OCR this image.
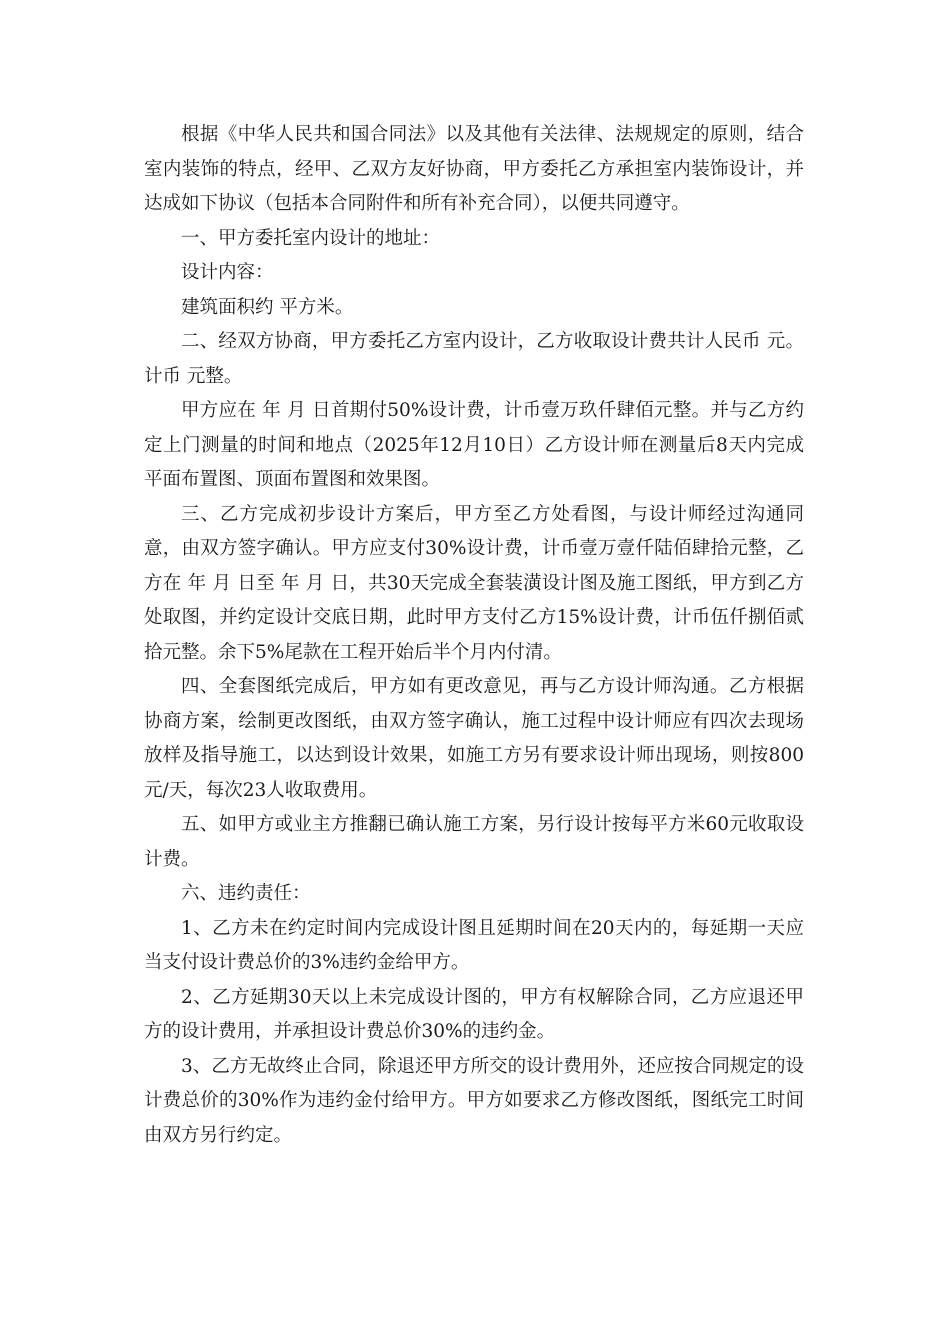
根据《中华人民共和国合同法》以及其他有关法律、法规规定的原则，结合室内装饰的特点，经甲、乙双方友好协商，甲方委托乙方承担室内装饰设计，并达成如下协议（包括本合同附件和所有补充合同），以便共同遵守。

一、甲方委托室内设计的地址：

设计内容：

建筑面积约 平方米。

二、经双方协商，甲方委托乙方室内设计，乙方收取设计费共计人民币 元。计币 元整。

甲方应在 年 月 日首期付50%设计费，计币壹万玖仟肆佰元整。并与乙方约定上门测量的时间和地点（2025年12月10日）乙方设计师在测量后8天内完成平面布置图、顶面布置图和效果图。

三、乙方完成初步设计方案后，甲方至乙方处看图，与设计师经过沟通同意，由双方签字确认。甲方应支付30%设计费，计币壹万壹仟陆佰肆拾元整，乙方在 年 月 日至 年 月 日，共30天完成全套装潢设计图及施工图纸，甲方到乙方处取图，并约定设计交底日期，此时甲方支付乙方15%设计费，计币伍仟捌佰贰拾元整。余下5%尾款在工程开始后半个月内付清。

四、全套图纸完成后，甲方如有更改意见，再与乙方设计师沟通。乙方根据协商方案，绘制更改图纸，由双方签字确认，施工过程中设计师应有四次去现场放样及指导施工，以达到设计效果，如施工方另有要求设计师出现场，则按800元/天，每次23人收取费用。

五、如甲方或业主方推翻已确认施工方案，另行设计按每平方米60元收取设计费。

六、违约责任：

1、乙方未在约定时间内完成设计图且延期时间在20天内的，每延期一天应当支付设计费总价的3%违约金给甲方。

2、乙方延期30天以上未完成设计图的，甲方有权解除合同，乙方应退还甲方的设计费用，并承担设计费总价30%的违约金。

3、乙方无故终止合同，除退还甲方所交的设计费用外，还应按合同规定的设计费总价的30%作为违约金付给甲方。甲方如要求乙方修改图纸，图纸完工时间由双方另行约定。
